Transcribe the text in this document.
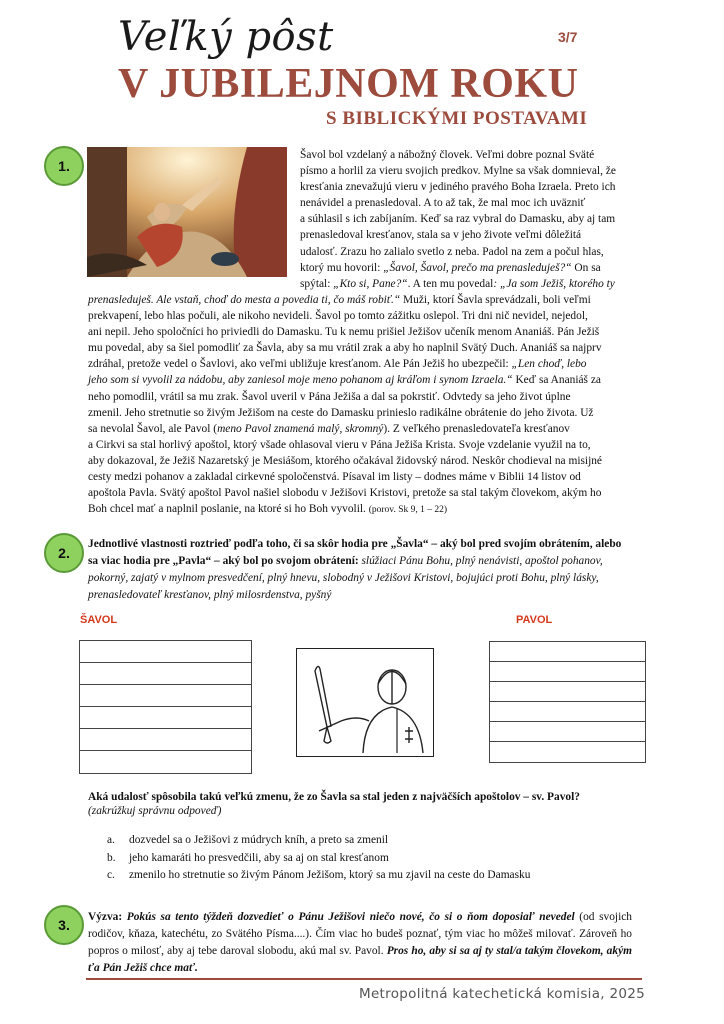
Veľký pôst	3/7
V JUBILEJNOM ROKU
S BIBLICKÝMI POSTAVAMI
1.

Šavol bol vzdelaný a nábožný človek. Veľmi dobre poznal Sväté
písmo a horlil za vieru svojich predkov. Mylne sa však domnieval, že
kresťania znevažujú vieru v jediného pravého Boha Izraela. Preto ich
nenávidel a prenasledoval. A to až tak, že mal moc ich uväzniť
a súhlasil s ich zabíjaním. Keď sa raz vybral do Damasku, aby aj tam
prenasledoval kresťanov, stala sa v jeho živote veľmi dôležitá
udalosť. Zrazu ho zalialo svetlo z neba. Padol na zem a počul hlas,
ktorý mu hovoril: „Šavol, Šavol, prečo ma prenasleduješ?“ On sa
spýtal: „Kto si, Pane?“. A ten mu povedal: „Ja som Ježiš, ktorého ty

prenasleduješ. Ale vstaň, choď do mesta a povedia ti, čo máš robiť.“ Muži, ktorí Šavla sprevádzali, boli veľmi
prekvapení, lebo hlas počuli, ale nikoho nevideli. Šavol po tomto zážitku oslepol. Tri dni nič nevidel, nejedol,
ani nepil. Jeho spoločníci ho priviedli do Damasku. Tu k nemu prišiel Ježišov učeník menom Ananiáš. Pán Ježiš
mu povedal, aby sa šiel pomodliť za Šavla, aby sa mu vrátil zrak a aby ho naplnil Svätý Duch. Ananiáš sa najprv
zdráhal, pretože vedel o Šavlovi, ako veľmi ubližuje kresťanom. Ale Pán Ježiš ho ubezpečil: „Len choď, lebo
jeho som si vyvolil za nádobu, aby zaniesol moje meno pohanom aj kráľom i synom Izraela.“ Keď sa Ananiáš za
neho pomodlil, vrátil sa mu zrak. Šavol uveril v Pána Ježiša a dal sa pokrstiť. Odvtedy sa jeho život úplne
zmenil. Jeho stretnutie so živým Ježišom na ceste do Damasku prinieslo radikálne obrátenie do jeho života. Už
sa nevolal Šavol, ale Pavol (meno Pavol znamená malý, skromný). Z veľkého prenasledovateľa kresťanov
a Cirkvi sa stal horlivý apoštol, ktorý všade ohlasoval vieru v Pána Ježiša Krista. Svoje vzdelanie využil na to,
aby dokazoval, že Ježiš Nazaretský je Mesiášom, ktorého očakával židovský národ. Neskôr chodieval na misijné
cesty medzi pohanov a zakladal cirkevné spoločenstvá. Písaval im listy – dodnes máme v Biblii 14 listov od
apoštola Pavla. Svätý apoštol Pavol našiel slobodu v Ježišovi Kristovi, pretože sa stal takým človekom, akým ho
Boh chcel mať a naplnil poslanie, na ktoré si ho Boh vyvolil. (porov. Sk 9, 1 – 22)

2.

Jednotlivé vlastnosti roztrieď podľa toho, či sa skôr hodia pre „Šavla“ – aký bol pred svojím obrátením, alebo sa viac hodia pre „Pavla“ – aký bol po svojom obrátení: slúžiaci Pánu Bohu, plný nenávisti, apoštol pohanov, pokorný, zajatý v mylnom presvedčení, plný hnevu, slobodný v Ježišovi Kristovi, bojujúci proti Bohu, plný lásky, prenasledovateľ kresťanov, plný milosrdenstva, pyšný

ŠAVOL	PAVOL

Aká udalosť spôsobila takú veľkú zmenu, že zo Šavla sa stal jeden z najväčších apoštolov – sv. Pavol?

(zakrúžkuj správnu odpoveď)
a. dozvedel sa o Ježišovi z múdrych kníh, a preto sa zmenil
b. jeho kamaráti ho presvedčili, aby sa aj on stal kresťanom
c. zmenilo ho stretnutie so živým Pánom Ježišom, ktorý sa mu zjavil na ceste do Damasku
3.	Výzva: Pokús sa tento týždeň dozvedieť o Pánu Ježišovi niečo nové, čo si o ňom doposiaľ nevedel (od svojich rodičov, kňaza, katechétu, zo Svätého Písma....). Čím viac ho budeš poznať, tým viac ho môžeš milovať. Zároveň ho popros o milosť, aby aj tebe daroval slobodu, akú mal sv. Pavol. Pros ho, aby si sa aj ty stal/a takým človekom, akým ťa Pán Ježiš chce mať.

Metropolitná katechetická komisia, 2025
